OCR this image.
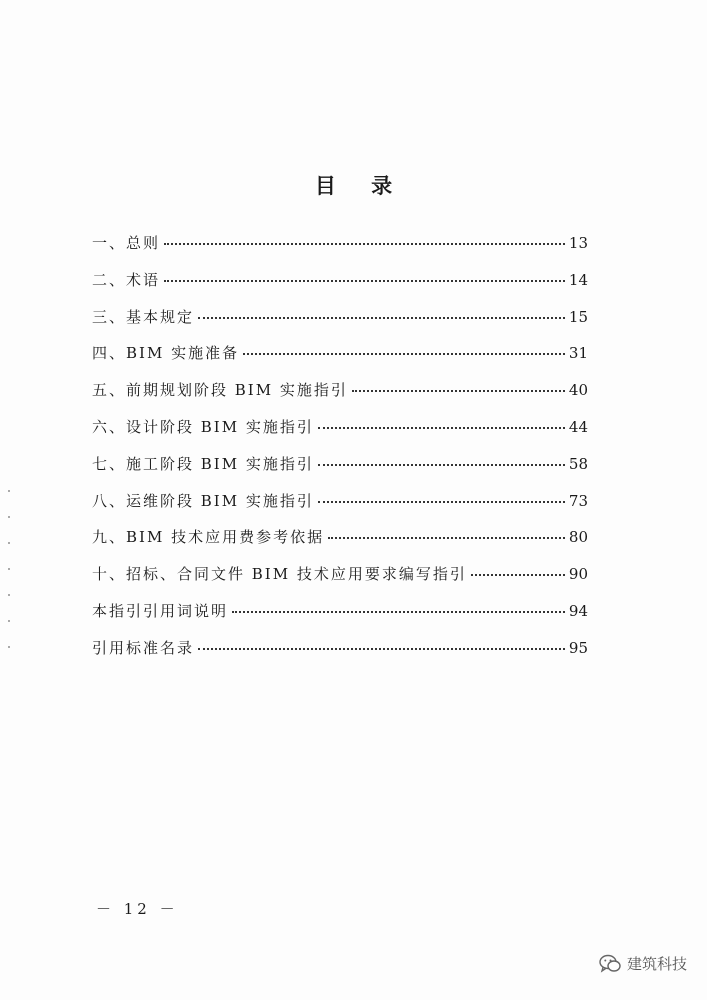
目 录
一、总则	13
二、术语	14
三、基本规定	15
四、BIM 实施准备	31
五、前期规划阶段 BIM 实施指引	40
六、设计阶段 BIM 实施指引	44
七、施工阶段 BIM 实施指引	58
八、运维阶段 BIM 实施指引	73
九、BIM 技术应用费参考依据	80
十、招标、合同文件 BIM 技术应用要求编写指引	90
本指引引用词说明	94
引用标准名录	95
－ 12 －
建筑科技
